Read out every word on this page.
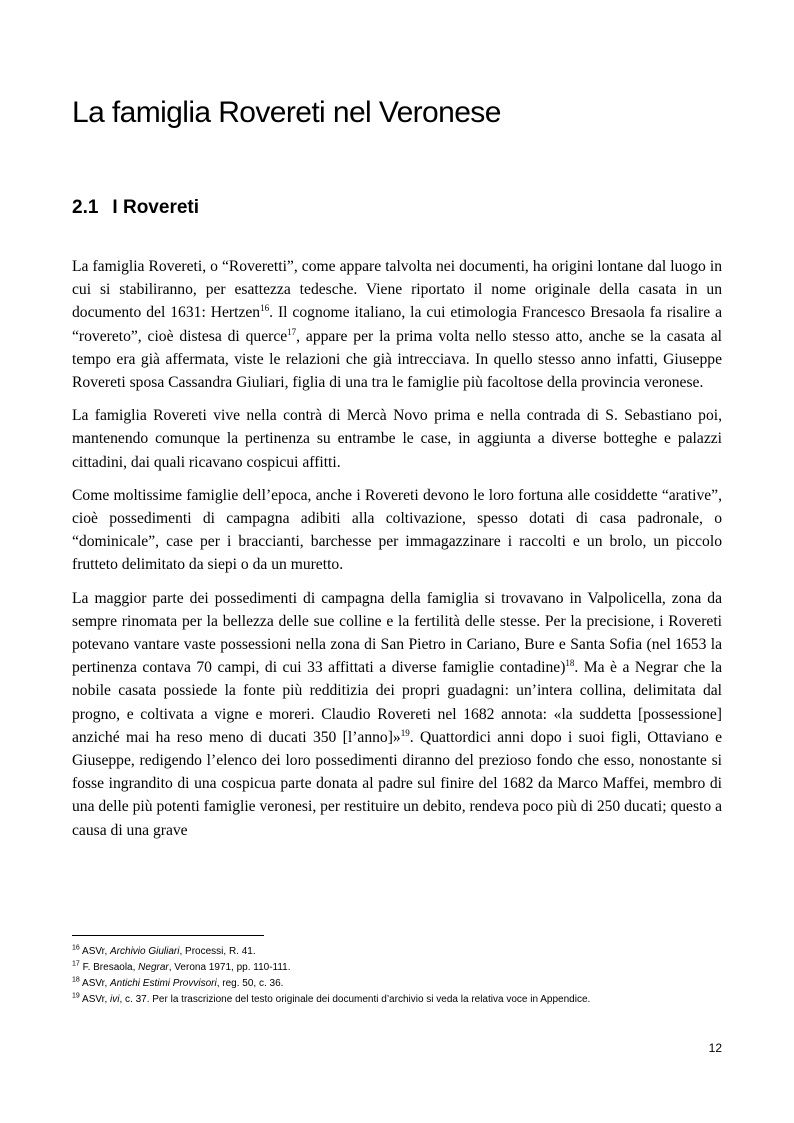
La famiglia Rovereti nel Veronese
2.1 I Rovereti

La famiglia Rovereti, o “Roveretti”, come appare talvolta nei documenti, ha origini lontane dal luogo in cui si stabiliranno, per esattezza tedesche. Viene riportato il nome originale della casata in un documento del 1631: Hertzen$^{16}$. Il cognome italiano, la cui etimologia Francesco Bresaola fa risalire a “rovereto”, cioè distesa di querce$^{17}$, appare per la prima volta nello stesso atto, anche se la casata al tempo era già affermata, viste le relazioni che già intrecciava. In quello stesso anno infatti, Giuseppe Rovereti sposa Cassandra Giuliari, figlia di una tra le famiglie più facoltose della provincia veronese.

La famiglia Rovereti vive nella contrà di Mercà Novo prima e nella contrada di S. Sebastiano poi, mantenendo comunque la pertinenza su entrambe le case, in aggiunta a diverse botteghe e palazzi cittadini, dai quali ricavano cospicui affitti.

Come moltissime famiglie dell’epoca, anche i Rovereti devono le loro fortuna alle cosiddette “arative”, cioè possedimenti di campagna adibiti alla coltivazione, spesso dotati di casa padronale, o “dominicale”, case per i braccianti, barchesse per immagazzinare i raccolti e un brolo, un piccolo frutteto delimitato da siepi o da un muretto.

La maggior parte dei possedimenti di campagna della famiglia si trovavano in Valpolicella, zona da sempre rinomata per la bellezza delle sue colline e la fertilità delle stesse. Per la precisione, i Rovereti potevano vantare vaste possessioni nella zona di San Pietro in Cariano, Bure e Santa Sofia (nel 1653 la pertinenza contava 70 campi, di cui 33 affittati a diverse famiglie contadine)$^{18}$. Ma è a Negrar che la nobile casata possiede la fonte più redditizia dei propri guadagni: un’intera collina, delimitata dal progno, e coltivata a vigne e moreri. Claudio Rovereti nel 1682 annota: «la suddetta [possessione] anziché mai ha reso meno di ducati 350 [l’anno]»$^{19}$. Quattordici anni dopo i suoi figli, Ottaviano e Giuseppe, redigendo l’elenco dei loro possedimenti diranno del prezioso fondo che esso, nonostante si fosse ingrandito di una cospicua parte donata al padre sul finire del 1682 da Marco Maffei, membro di una delle più potenti famiglie veronesi, per restituire un debito, rendeva poco più di 250 ducati; questo a causa di una grave

$^{16}$ ASVr, Archivio Giuliari, Processi, R. 41.

$^{17}$ F. Bresaola, Negrar, Verona 1971, pp. 110-111.

$^{18}$ ASVr, Antichi Estimi Provvisori, reg. 50, c. 36.

$^{19}$ ASVr, ivi, c. 37. Per la trascrizione del testo originale dei documenti d’archivio si veda la relativa voce in Appendice.

12
